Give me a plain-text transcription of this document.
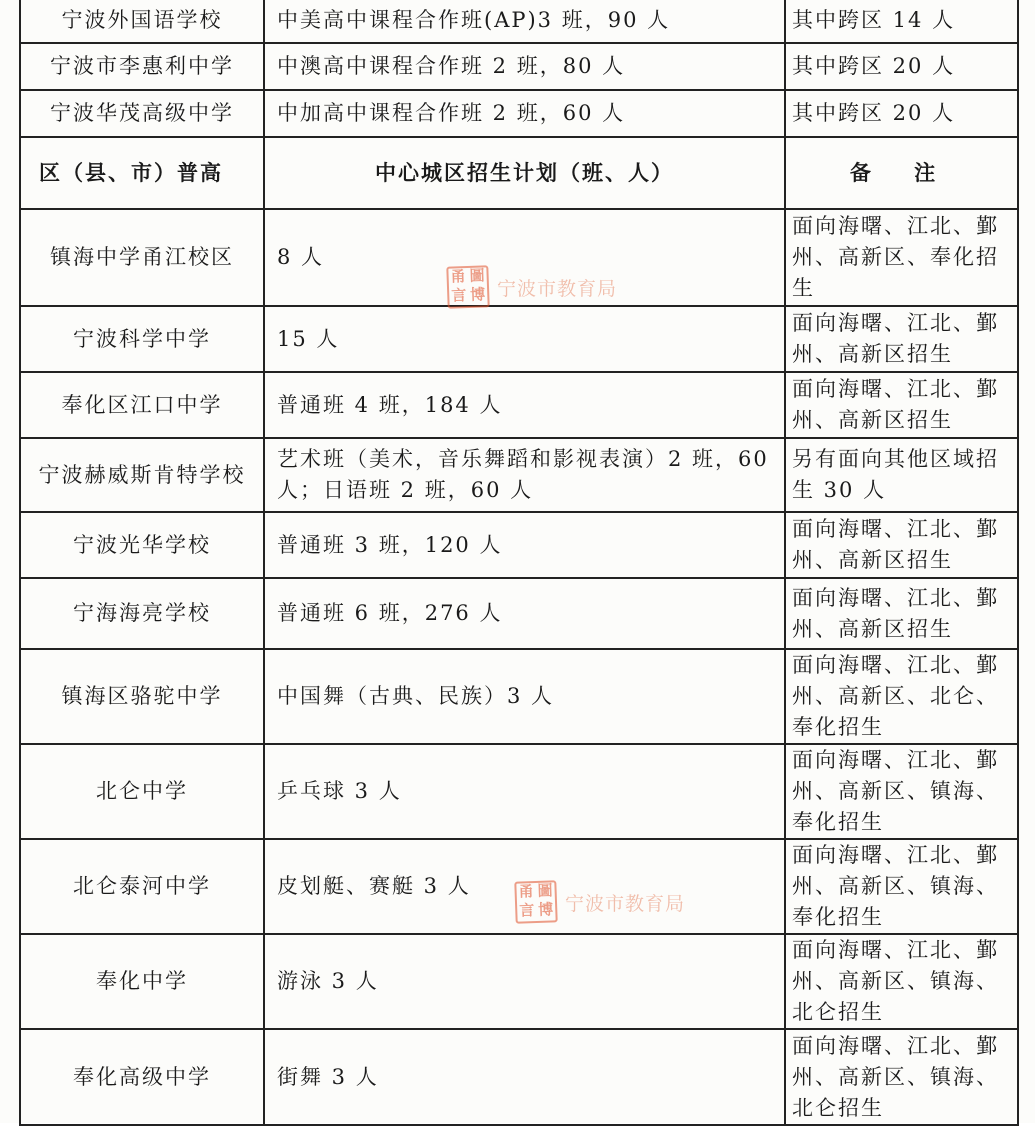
宁波外国语学校	中美高中课程合作班(AP)3 班，90 人	其中跨区 14 人
宁波市李惠利中学	中澳高中课程合作班 2 班，80 人	其中跨区 20 人
宁波华茂高级中学	中加高中课程合作班 2 班，60 人	其中跨区 20 人
区（县、市）普高	中心城区招生计划（班、人）	备 注
镇海中学甬江校区	8 人	面向海曙、江北、鄞州、高新区、奉化招生
宁波科学中学	15 人	面向海曙、江北、鄞州、高新区招生
奉化区江口中学	普通班 4 班，184 人	面向海曙、江北、鄞州、高新区招生
宁波赫威斯肯特学校	艺术班（美术，音乐舞蹈和影视表演）2 班，60 人；日语班 2 班，60 人	另有面向其他区域招生 30 人
宁波光华学校	普通班 3 班，120 人	面向海曙、江北、鄞州、高新区招生
宁海海亮学校	普通班 6 班，276 人	面向海曙、江北、鄞州、高新区招生
镇海区骆驼中学	中国舞（古典、民族）3 人	面向海曙、江北、鄞州、高新区、北仑、奉化招生
北仑中学	乒乓球 3 人	面向海曙、江北、鄞州、高新区、镇海、奉化招生
北仑泰河中学	皮划艇、赛艇 3 人	面向海曙、江北、鄞州、高新区、镇海、奉化招生
奉化中学	游泳 3 人	面向海曙、江北、鄞州、高新区、镇海、北仑招生
奉化高级中学	街舞 3 人	面向海曙、江北、鄞州、高新区、镇海、北仑招生
甬 圖
言 博 宁波市教育局
甬 圖
言 博 宁波市教育局
